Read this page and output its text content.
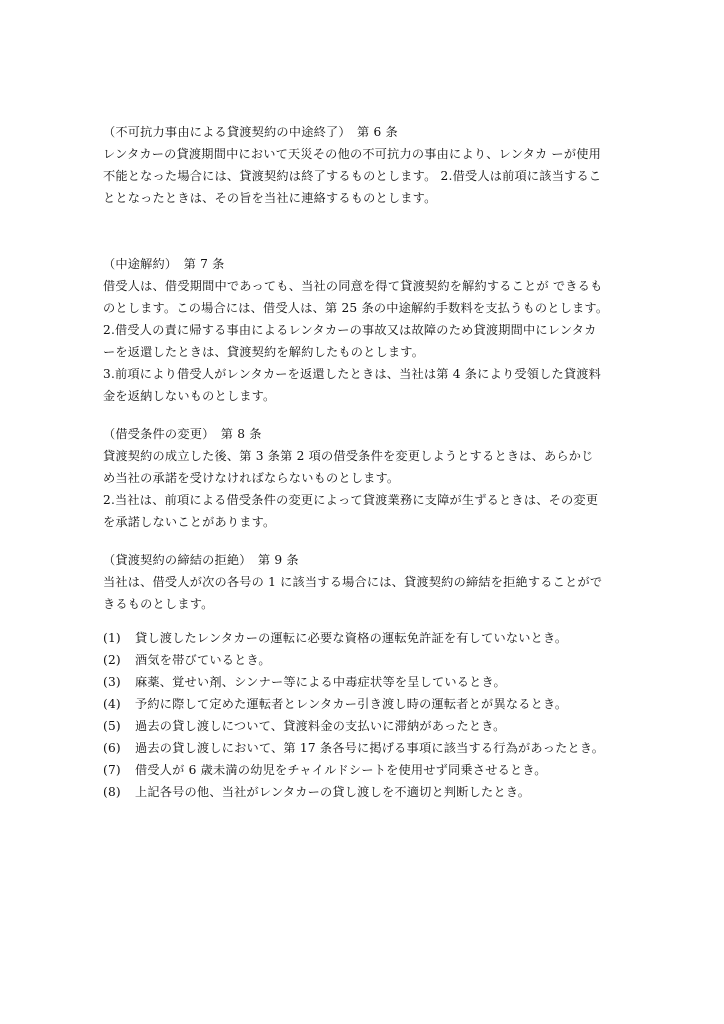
（不可抗力事由による貸渡契約の中途終了）　第 6 条
レンタカーの貸渡期間中において天災その他の不可抗力の事由により、レンタカ ーが使用
不能となった場合には、貸渡契約は終了するものとします。 2.借受人は前項に該当するこ
ととなったときは、その旨を当社に連絡するものとします。
（中途解約）　第 7 条
借受人は、借受期間中であっても、当社の同意を得て貸渡契約を解約することが できるも
のとします。この場合には、借受人は、第 25 条の中途解約手数料を支払うものとします。
2.借受人の責に帰する事由によるレンタカーの事故又は故障のため貸渡期間中にレンタカ
ーを返還したときは、貸渡契約を解約したものとします。
3.前項により借受人がレンタカーを返還したときは、当社は第 4 条により受領した貸渡料
金を返納しないものとします。
（借受条件の変更）　第 8 条
貸渡契約の成立した後、第 3 条第 2 項の借受条件を変更しようとするときは、あらかじ
め当社の承諾を受けなければならないものとします。
2.当社は、前項による借受条件の変更によって貸渡業務に支障が生ずるときは、その変更
を承諾しないことがあります。
（貸渡契約の締結の拒絶）　第 9 条
当社は、借受人が次の各号の 1 に該当する場合には、貸渡契約の締結を拒絶することがで
きるものとします。
(1)	貸し渡したレンタカーの運転に必要な資格の運転免許証を有していないとき。
(2)	酒気を帯びているとき。
(3)	麻薬、覚せい剤、シンナー等による中毒症状等を呈しているとき。
(4)	予約に際して定めた運転者とレンタカー引き渡し時の運転者とが異なるとき。
(5)	過去の貸し渡しについて、貸渡料金の支払いに滞納があったとき。
(6)	過去の貸し渡しにおいて、第 17 条各号に掲げる事項に該当する行為があったとき。
(7)	借受人が 6 歳未満の幼児をチャイルドシートを使用せず同乗させるとき。
(8)	上記各号の他、当社がレンタカーの貸し渡しを不適切と判断したとき。
